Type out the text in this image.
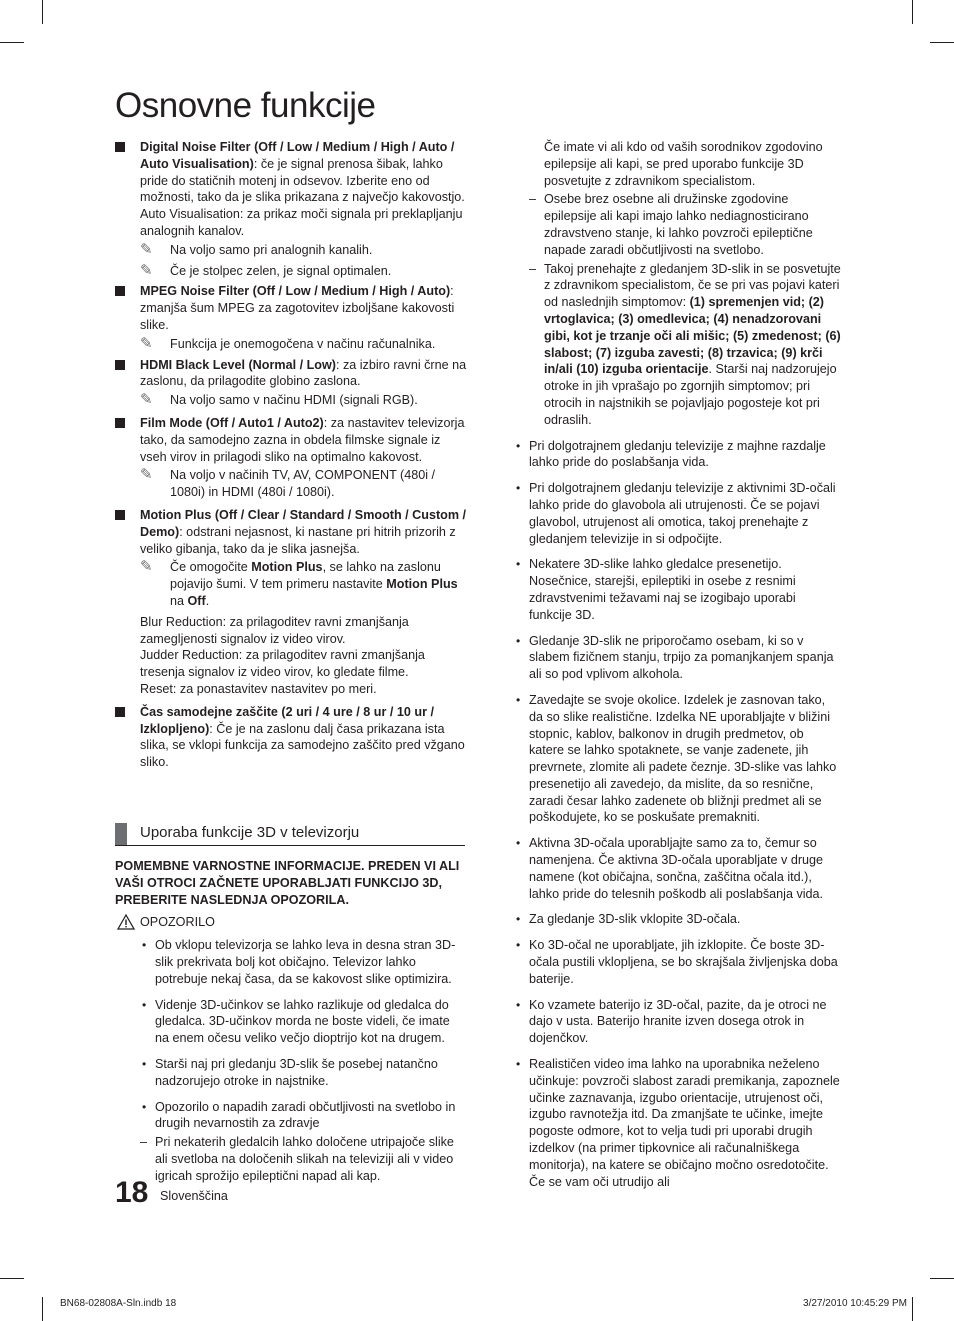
Osnovne funkcije
Digital Noise Filter (Off / Low / Medium / High / Auto / Auto Visualisation): če je signal prenosa šibak, lahko pride do statičnih motenj in odsevov. Izberite eno od možnosti, tako da je slika prikazana z največjo kakovostjo.

Auto Visualisation: za prikaz moči signala pri preklapljanju analognih kanalov.

✎ Na voljo samo pri analognih kanalih.
✎ Če je stolpec zelen, je signal optimalen.
MPEG Noise Filter (Off / Low / Medium / High / Auto): zmanjša šum MPEG za zagotovitev izboljšane kakovosti slike.
✎ Funkcija je onemogočena v načinu računalnika.
HDMI Black Level (Normal / Low): za izbiro ravni črne na zaslonu, da prilagodite globino zaslona.
✎ Na voljo samo v načinu HDMI (signali RGB).
Film Mode (Off / Auto1 / Auto2): za nastavitev televizorja tako, da samodejno zazna in obdela filmske signale iz vseh virov in prilagodi sliko na optimalno kakovost.
✎ Na voljo v načinih TV, AV, COMPONENT (480i / 1080i) in HDMI (480i / 1080i).
Motion Plus (Off / Clear / Standard / Smooth / Custom / Demo): odstrani nejasnost, ki nastane pri hitrih prizorih z veliko gibanja, tako da je slika jasnejša.
✎ Če omogočite Motion Plus, se lahko na zaslonu pojavijo šumi. V tem primeru nastavite Motion Plus na Off.

Blur Reduction: za prilagoditev ravni zmanjšanja zamegljenosti signalov iz video virov.

Judder Reduction: za prilagoditev ravni zmanjšanja tresenja signalov iz video virov, ko gledate filme.

Reset: za ponastavitev nastavitev po meri.

Čas samodejne zaščite (2 uri / 4 ure / 8 ur / 10 ur / Izklopljeno): Če je na zaslonu dalj časa prikazana ista slika, se vklopi funkcija za samodejno zaščito pred vžgano sliko.
Uporaba funkcije 3D v televizorju

POMEMBNE VARNOSTNE INFORMACIJE. PREDEN VI ALI VAŠI OTROCI ZAČNETE UPORABLJATI FUNKCIJO 3D, PREBERITE NASLEDNJA OPOZORILA.

OPOZORILO
• Ob vklopu televizorja se lahko leva in desna stran 3D-slik prekrivata bolj kot običajno. Televizor lahko potrebuje nekaj časa, da se kakovost slike optimizira.
• Videnje 3D-učinkov se lahko razlikuje od gledalca do gledalca. 3D-učinkov morda ne boste videli, če imate na enem očesu veliko večjo dioptrijo kot na drugem.
• Starši naj pri gledanju 3D-slik še posebej natančno nadzorujejo otroke in najstnike.
• Opozorilo o napadih zaradi občutljivosti na svetlobo in drugih nevarnostih za zdravje
– Pri nekaterih gledalcih lahko določene utripajoče slike ali svetloba na določenih slikah na televiziji ali v video igricah sprožijo epileptični napad ali kap.

Če imate vi ali kdo od vaših sorodnikov zgodovino epilepsije ali kapi, se pred uporabo funkcije 3D posvetujte z zdravnikom specialistom.

– Osebe brez osebne ali družinske zgodovine epilepsije ali kapi imajo lahko nediagnosticirano zdravstveno stanje, ki lahko povzroči epileptične napade zaradi občutljivosti na svetlobo.
– Takoj prenehajte z gledanjem 3D-slik in se posvetujte z zdravnikom specialistom, če se pri vas pojavi kateri od naslednjih simptomov: (1) spremenjen vid; (2) vrtoglavica; (3) omedlevica; (4) nenadzorovani gibi, kot je trzanje oči ali mišic; (5) zmedenost; (6) slabost; (7) izguba zavesti; (8) trzavica; (9) krči in/ali (10) izguba orientacije. Starši naj nadzorujejo otroke in jih vprašajo po zgornjih simptomov; pri otrocih in najstnikih se pojavljajo pogosteje kot pri odraslih.
• Pri dolgotrajnem gledanju televizije z majhne razdalje lahko pride do poslabšanja vida.
• Pri dolgotrajnem gledanju televizije z aktivnimi 3D-očali lahko pride do glavobola ali utrujenosti. Če se pojavi glavobol, utrujenost ali omotica, takoj prenehajte z gledanjem televizije in si odpočijte.
• Nekatere 3D-slike lahko gledalce presenetijo. Nosečnice, starejši, epileptiki in osebe z resnimi zdravstvenimi težavami naj se izogibajo uporabi funkcije 3D.
• Gledanje 3D-slik ne priporočamo osebam, ki so v slabem fizičnem stanju, trpijo za pomanjkanjem spanja ali so pod vplivom alkohola.
• Zavedajte se svoje okolice. Izdelek je zasnovan tako, da so slike realistične. Izdelka NE uporabljajte v bližini stopnic, kablov, balkonov in drugih predmetov, ob katere se lahko spotaknete, se vanje zadenete, jih prevrnete, zlomite ali padete čeznje. 3D-slike vas lahko presenetijo ali zavedejo, da mislite, da so resnične, zaradi česar lahko zadenete ob bližnji predmet ali se poškodujete, ko se poskušate premakniti.
• Aktivna 3D-očala uporabljajte samo za to, čemur so namenjena. Če aktivna 3D-očala uporabljate v druge namene (kot običajna, sončna, zaščitna očala itd.), lahko pride do telesnih poškodb ali poslabšanja vida.
• Za gledanje 3D-slik vklopite 3D-očala.
• Ko 3D-očal ne uporabljate, jih izklopite. Če boste 3D-očala pustili vklopljena, se bo skrajšala življenjska doba baterije.
• Ko vzamete baterijo iz 3D-očal, pazite, da je otroci ne dajo v usta. Baterijo hranite izven dosega otrok in dojenčkov.
• Realističen video ima lahko na uporabnika neželeno učinkuje: povzroči slabost zaradi premikanja, zapoznele učinke zaznavanja, izgubo orientacije, utrujenost oči, izgubo ravnotežja itd. Da zmanjšate te učinke, imejte pogoste odmore, kot to velja tudi pri uporabi drugih izdelkov (na primer tipkovnice ali računalniškega monitorja), na katere se običajno močno osredotočite. Če se vam oči utrudijo ali
18 Slovenščina
BN68-02808A-Sln.indb 18	3/27/2010 10:45:29 PM
